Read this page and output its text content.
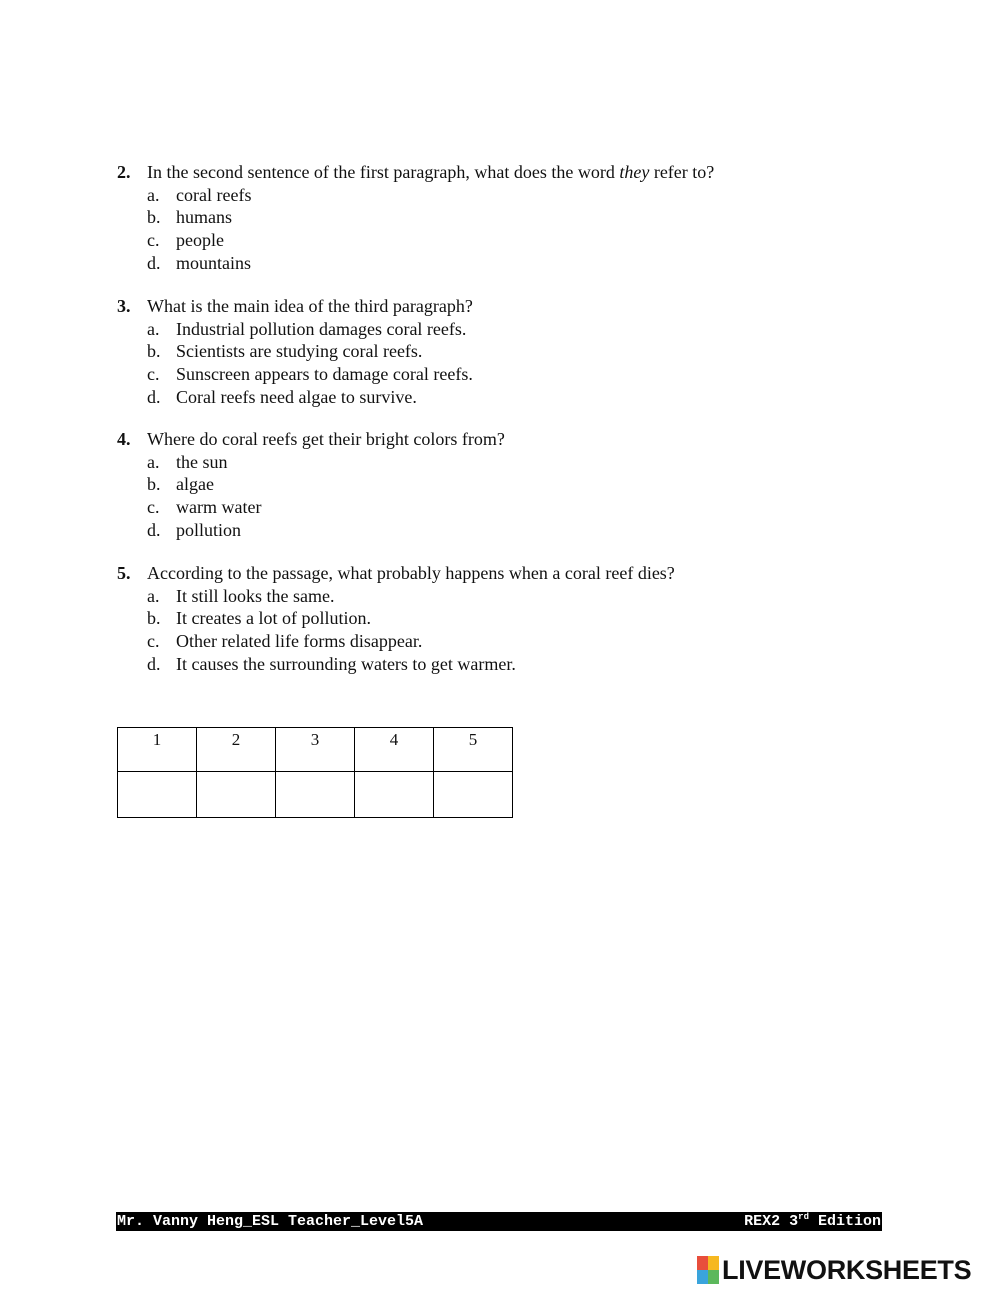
2. In the second sentence of the first paragraph, what does the word they refer to?
a. coral reefs
b. humans
c. people
d. mountains
3. What is the main idea of the third paragraph?
a. Industrial pollution damages coral reefs.
b. Scientists are studying coral reefs.
c. Sunscreen appears to damage coral reefs.
d. Coral reefs need algae to survive.
4. Where do coral reefs get their bright colors from?
a. the sun
b. algae
c. warm water
d. pollution
5. According to the passage, what probably happens when a coral reef dies?
a. It still looks the same.
b. It creates a lot of pollution.
c. Other related life forms disappear.
d. It causes the surrounding waters to get warmer.
1	2	3	4	5

Mr. Vanny Heng_ESL Teacher_Level5A	REX2 3rd Edition
LIVEWORKSHEETS
